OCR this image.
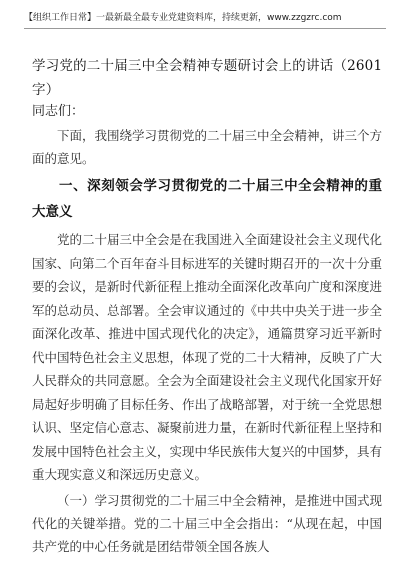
【组织工作日常】一最新最全最专业党建资料库，持续更新，www.zzgzrc.com
学习党的二十届三中全会精神专题研讨会上的讲话（2601字）
同志们：

下面，我围绕学习贯彻党的二十届三中全会精神，讲三个方面的意见。

一、深刻领会学习贯彻党的二十届三中全会精神的重大意义

党的二十届三中全会是在我国进入全面建设社会主义现代化国家、向第二个百年奋斗目标进军的关键时期召开的一次十分重要的会议，是新时代新征程上推动全面深化改革向广度和深度进军的总动员、总部署。全会审议通过的《中共中央关于进一步全面深化改革、推进中国式现代化的决定》，通篇贯穿习近平新时代中国特色社会主义思想，体现了党的二十大精神，反映了广大人民群众的共同意愿。全会为全面建设社会主义现代化国家开好局起好步明确了目标任务、作出了战略部署，对于统一全党思想认识、坚定信心意志、凝聚前进力量，在新时代新征程上坚持和发展中国特色社会主义，实现中华民族伟大复兴的中国梦，具有重大现实意义和深远历史意义。

（一）学习贯彻党的二十届三中全会精神，是推进中国式现代化的关键举措。党的二十届三中全会指出：“从现在起，中国共产党的中心任务就是团结带领全国各族人
